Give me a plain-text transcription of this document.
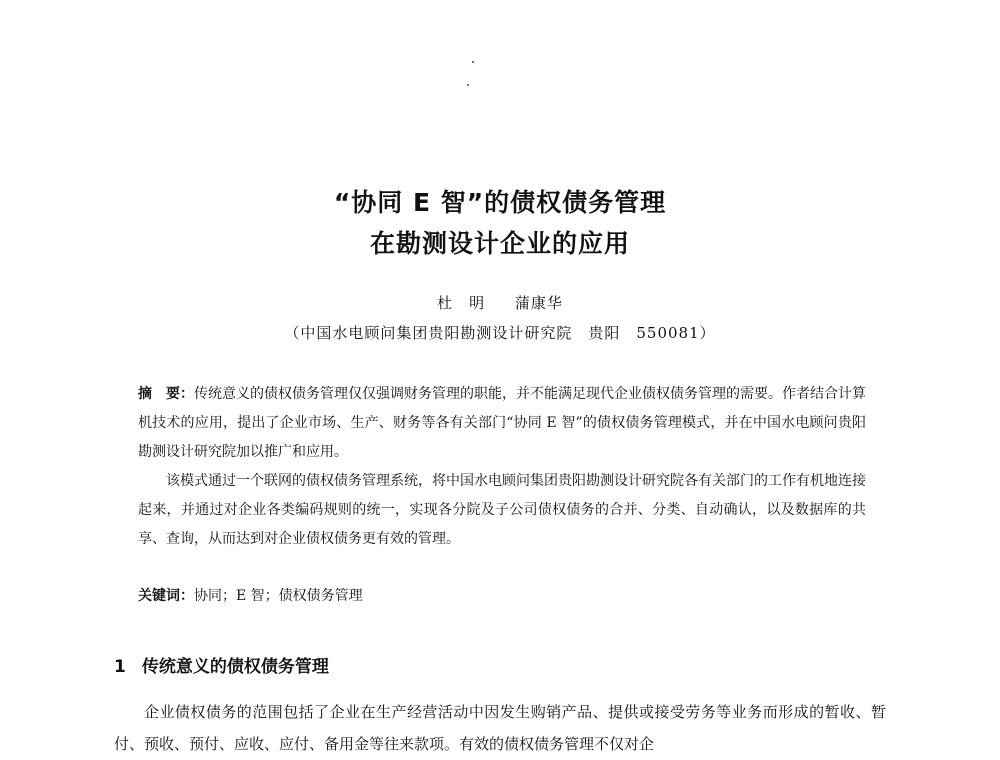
“协同 E 智”的债权债务管理
在勘测设计企业的应用
杜　明 蒲康华
（中国水电顾问集团贵阳勘测设计研究院 贵阳 550081）

摘　要：传统意义的债权债务管理仅仅强调财务管理的职能，并不能满足现代企业债权债务管理的需要。作者结合计算机技术的应用，提出了企业市场、生产、财务等各有关部门“协同 E 智”的债权债务管理模式，并在中国水电顾问贵阳勘测设计研究院加以推广和应用。

该模式通过一个联网的债权债务管理系统，将中国水电顾问集团贵阳勘测设计研究院各有关部门的工作有机地连接起来，并通过对企业各类编码规则的统一，实现各分院及子公司债权债务的合并、分类、自动确认，以及数据库的共享、查询，从而达到对企业债权债务更有效的管理。

关键词：协同；E 智；债权债务管理
1 传统意义的债权债务管理

企业债权债务的范围包括了企业在生产经营活动中因发生购销产品、提供或接受劳务等业务而形成的暂收、暂付、预收、预付、应收、应付、备用金等往来款项。有效的债权债务管理不仅对企
